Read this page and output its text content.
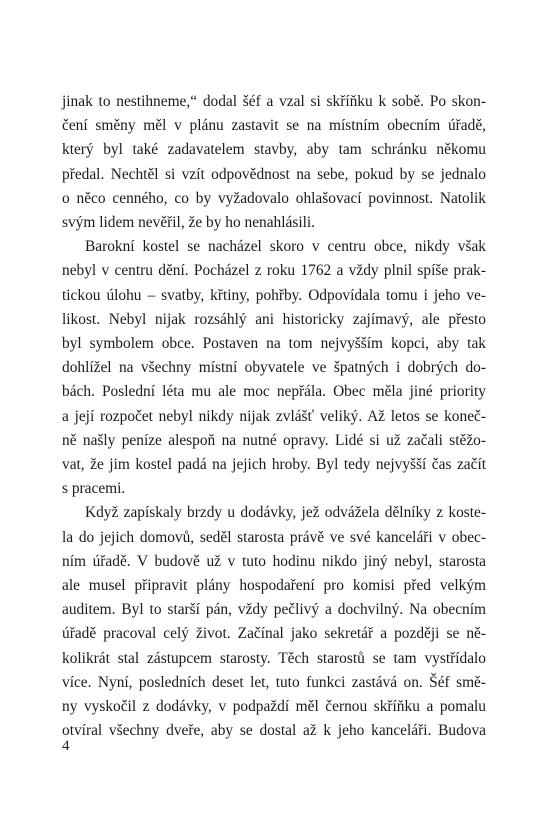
jinak to nestihneme,“ dodal šéf a vzal si skříňku k sobě. Po skon-
čení směny měl v plánu zastavit se na místním obecním úřadě,
který byl také zadavatelem stavby, aby tam schránku někomu
předal. Nechtěl si vzít odpovědnost na sebe, pokud by se jednalo
o něco cenného, co by vyžadovalo ohlašovací povinnost. Natolik
svým lidem nevěřil, že by ho nenahlásili.

Barokní kostel se nacházel skoro v centru obce, nikdy však
nebyl v centru dění. Pocházel z roku 1762 a vždy plnil spíše prak-
tickou úlohu – svatby, křtiny, pohřby. Odpovídala tomu i jeho ve-
likost. Nebyl nijak rozsáhlý ani historicky zajímavý, ale přesto
byl symbolem obce. Postaven na tom nejvyšším kopci, aby tak
dohlížel na všechny místní obyvatele ve špatných i dobrých do-
bách. Poslední léta mu ale moc nepřála. Obec měla jiné priority
a její rozpočet nebyl nikdy nijak zvlášť veliký. Až letos se koneč-
ně našly peníze alespoň na nutné opravy. Lidé si už začali stěžo-
vat, že jim kostel padá na jejich hroby. Byl tedy nejvyšší čas začít
s pracemi.

Když zapískaly brzdy u dodávky, jež odvážela dělníky z koste-
la do jejich domovů, seděl starosta právě ve své kanceláři v obec-
ním úřadě. V budově už v tuto hodinu nikdo jiný nebyl, starosta
ale musel připravit plány hospodaření pro komisi před velkým
auditem. Byl to starší pán, vždy pečlivý a dochvilný. Na obecním
úřadě pracoval celý život. Začínal jako sekretář a později se ně-
kolikrát stal zástupcem starosty. Těch starostů se tam vystřídalo
více. Nyní, posledních deset let, tuto funkci zastává on. Šéf smě-
ny vyskočil z dodávky, v podpaždí měl černou skříňku a pomalu
otvíral všechny dveře, aby se dostal až k jeho kanceláři. Budova

4
